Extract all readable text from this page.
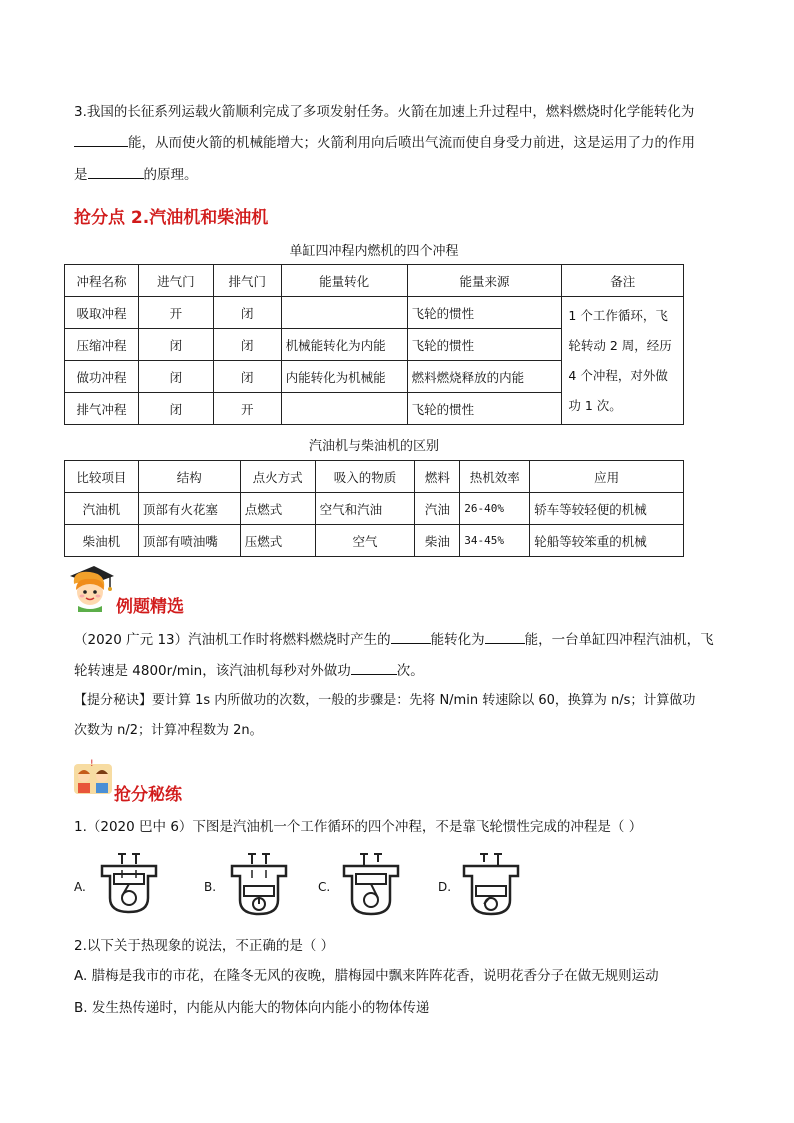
3.我国的长征系列运载火箭顺利完成了多项发射任务。火箭在加速上升过程中，燃料燃烧时化学能转化为
能，从而使火箭的机械能增大；火箭利用向后喷出气流而使自身受力前进，这是运用了力的作用
是	的原理。
抢分点 2.汽油机和柴油机
单缸四冲程内燃机的四个冲程
冲程名称	进气门	排气门	能量转化	能量来源	备注
吸取冲程	开	闭		飞轮的惯性	1 个工作循环，飞轮转动 2 周，经历 4 个冲程，对外做功 1 次。
压缩冲程	闭	闭	机械能转化为内能	飞轮的惯性	
做功冲程	闭	闭	内能转化为机械能	燃料燃烧释放的内能	
排气冲程	闭	开		飞轮的惯性	
汽油机与柴油机的区别
比较项目	结构	点火方式	吸入的物质	燃料	热机效率	应用
汽油机	顶部有火花塞	点燃式	空气和汽油	汽油	26-40%	轿车等较轻便的机械
柴油机	顶部有喷油嘴	压燃式	空气	柴油	34-45%	轮船等较笨重的机械
例题精选
（2020 广元 13）汽油机工作时将燃料燃烧时产生的	能转化为	能，一台单缸四冲程汽油机，飞
轮转速是 4800r/min，该汽油机每秒对外做功	次。
【提分秘诀】要计算 1s 内所做功的次数，一般的步骤是：先将 N/min 转速除以 60，换算为 n/s；计算做功
次数为 n/2；计算冲程数为 2n。
!
抢分秘练
1.（2020 巴中 6）下图是汽油机一个工作循环的四个冲程，不是靠飞轮惯性完成的冲程是（ ）
A.	B.	C.	D.
2.以下关于热现象的说法，不正确的是（ ）
A. 腊梅是我市的市花，在隆冬无风的夜晚，腊梅园中飘来阵阵花香，说明花香分子在做无规则运动
B. 发生热传递时，内能从内能大的物体向内能小的物体传递
